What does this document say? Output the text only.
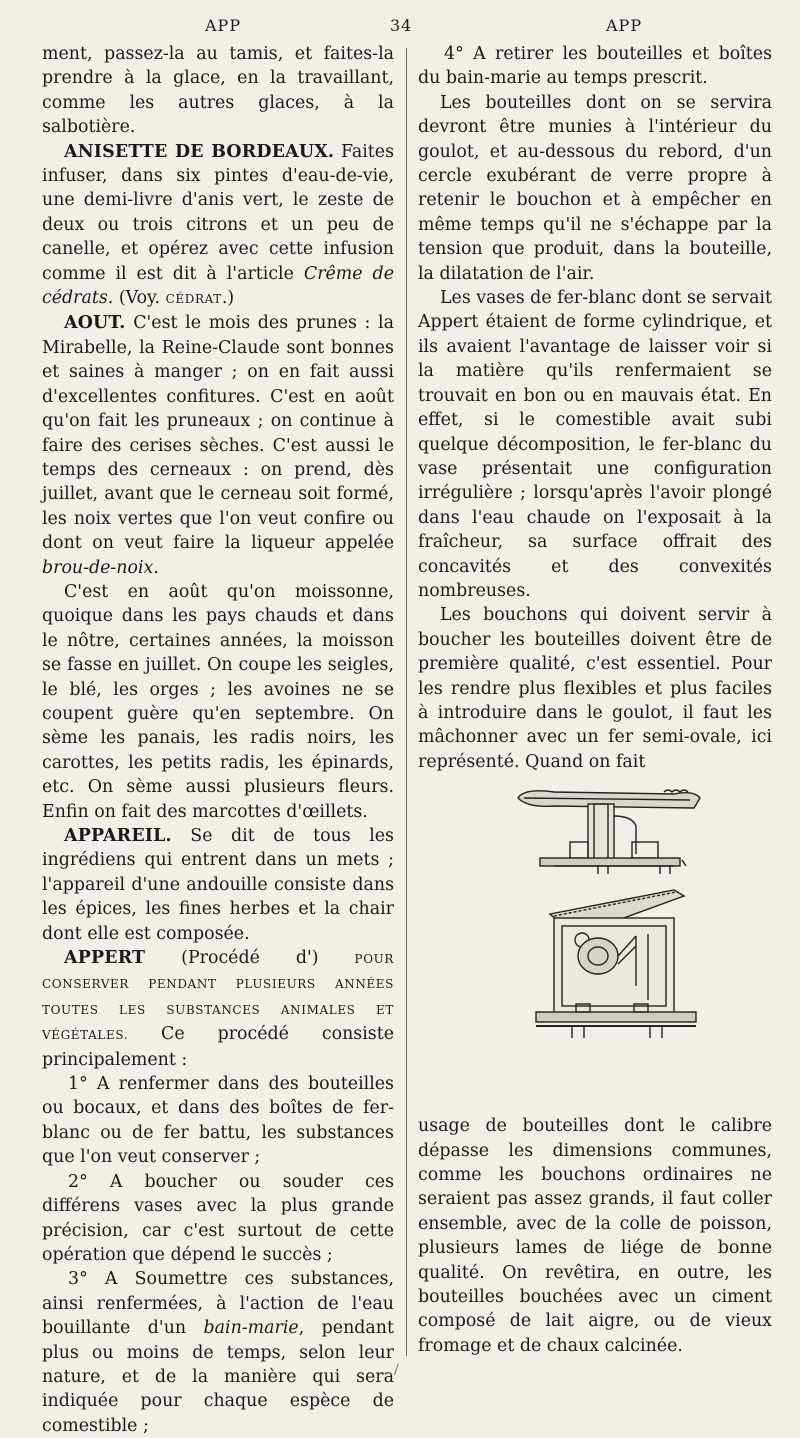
APP	34	APP

ment, passez-la au tamis, et faites-la prendre à la glace, en la travaillant, comme les autres glaces, à la salbotière.

ANISETTE DE BORDEAUX. Faites infuser, dans six pintes d'eau-de-vie, une demi-livre d'anis vert, le zeste de deux ou trois citrons et un peu de canelle, et opérez avec cette infusion comme il est dit à l'article Crême de cédrats. (Voy. CÉDRAT.)

AOUT. C'est le mois des prunes : la Mirabelle, la Reine-Claude sont bonnes et saines à manger ; on en fait aussi d'excellentes confitures. C'est en août qu'on fait les pruneaux ; on continue à faire des cerises sèches. C'est aussi le temps des cerneaux : on prend, dès juillet, avant que le cerneau soit formé, les noix vertes que l'on veut confire ou dont on veut faire la liqueur appelée brou-de-noix.

C'est en août qu'on moissonne, quoique dans les pays chauds et dans le nôtre, certaines années, la moisson se fasse en juillet. On coupe les seigles, le blé, les orges ; les avoines ne se coupent guère qu'en septembre. On sème les panais, les radis noirs, les carottes, les petits radis, les épinards, etc. On sème aussi plusieurs fleurs. Enfin on fait des marcottes d'œillets.

APPAREIL. Se dit de tous les ingrédiens qui entrent dans un mets ; l'appareil d'une andouille consiste dans les épices, les fines herbes et la chair dont elle est composée.

APPERT (Procédé d') POUR CONSERVER PENDANT PLUSIEURS ANNÉES TOUTES LES SUBSTANCES ANIMALES ET VÉGÉTALES. Ce procédé consiste principalement :

1° A renfermer dans des bouteilles ou bocaux, et dans des boîtes de fer-blanc ou de fer battu, les substances que l'on veut conserver ;

2° A boucher ou souder ces différens vases avec la plus grande précision, car c'est surtout de cette opération que dépend le succès ;

3° A Soumettre ces substances, ainsi renfermées, à l'action de l'eau bouillante d'un bain-marie, pendant plus ou moins de temps, selon leur nature, et de la manière qui sera indiquée pour chaque espèce de comestible ;

4° A retirer les bouteilles et boîtes du bain-marie au temps prescrit.

Les bouteilles dont on se servira devront être munies à l'intérieur du goulot, et au-dessous du rebord, d'un cercle exubérant de verre propre à retenir le bouchon et à empêcher en même temps qu'il ne s'échappe par la tension que produit, dans la bouteille, la dilatation de l'air.

Les vases de fer-blanc dont se servait Appert étaient de forme cylindrique, et ils avaient l'avantage de laisser voir si la matière qu'ils renfermaient se trouvait en bon ou en mauvais état. En effet, si le comestible avait subi quelque décomposition, le fer-blanc du vase présentait une configuration irrégulière ; lorsqu'après l'avoir plongé dans l'eau chaude on l'exposait à la fraîcheur, sa surface offrait des concavités et des convexités nombreuses.

Les bouchons qui doivent servir à boucher les bouteilles doivent être de première qualité, c'est essentiel. Pour les rendre plus flexibles et plus faciles à introduire dans le goulot, il faut les mâchonner avec un fer semi-ovale, ici représenté. Quand on fait

usage de bouteilles dont le calibre dépasse les dimensions communes, comme les bouchons ordinaires ne seraient pas assez grands, il faut coller ensemble, avec de la colle de poisson, plusieurs lames de liége de bonne qualité. On revêtira, en outre, les bouteilles bouchées avec un ciment composé de lait aigre, ou de vieux fromage et de chaux calcinée.

/
